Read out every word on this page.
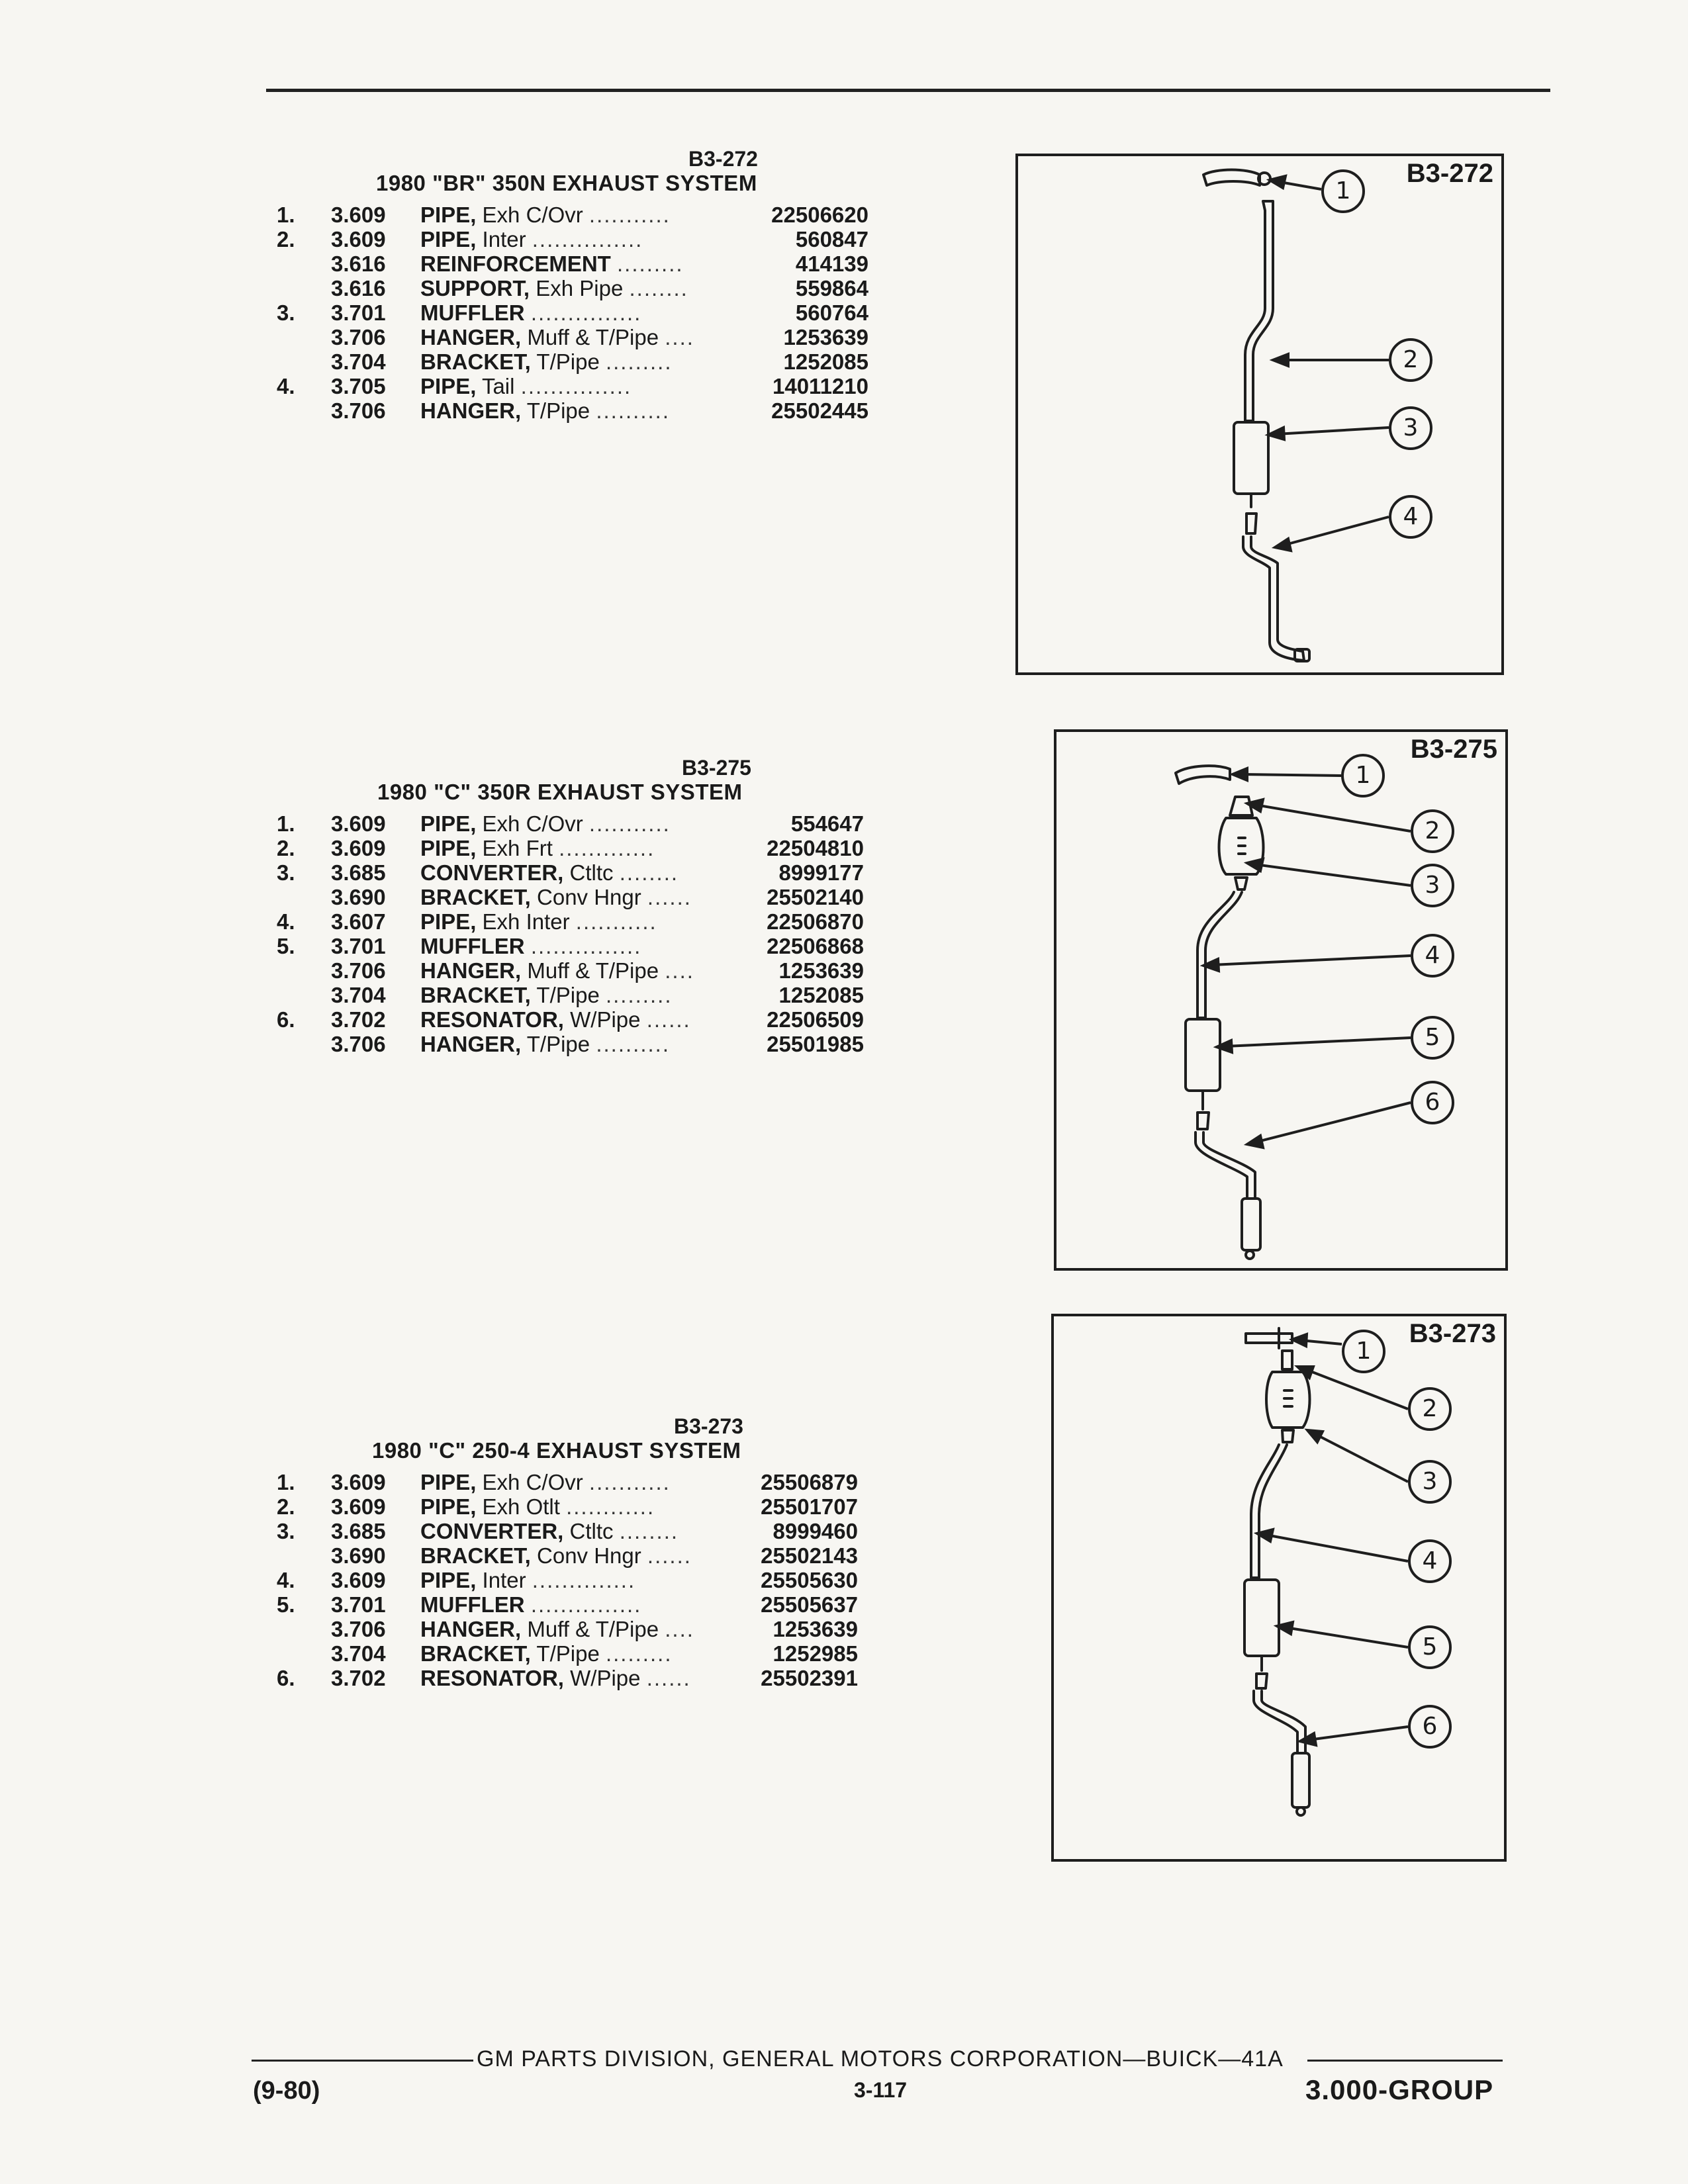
B3-272
1980 "BR" 350N EXHAUST SYSTEM
1. 3.609 PIPE, Exh C/Ovr ...........	22506620
2. 3.609 PIPE, Inter ...............	560847
3.616 REINFORCEMENT .........	414139
3.616 SUPPORT, Exh Pipe ........	559864
3. 3.701 MUFFLER ...............	560764
3.706 HANGER, Muff & T/Pipe ....	1253639
3.704 BRACKET, T/Pipe .........	1252085
4. 3.705 PIPE, Tail ...............	14011210
3.706 HANGER, T/Pipe ..........	25502445
B3-272
1
2
3
4
B3-275
1980 "C" 350R EXHAUST SYSTEM
1. 3.609 PIPE, Exh C/Ovr ...........	554647
2. 3.609 PIPE, Exh Frt .............	22504810
3. 3.685 CONVERTER, Ctltc ........	8999177
3.690 BRACKET, Conv Hngr ......	25502140
4. 3.607 PIPE, Exh Inter ...........	22506870
5. 3.701 MUFFLER ...............	22506868
3.706 HANGER, Muff & T/Pipe ....	1253639
3.704 BRACKET, T/Pipe .........	1252085
6. 3.702 RESONATOR, W/Pipe ......	22506509
3.706 HANGER, T/Pipe ..........	25501985
B3-275
1
2
3
4
5
6
B3-273
1980 "C" 250-4 EXHAUST SYSTEM
1. 3.609 PIPE, Exh C/Ovr ...........	25506879
2. 3.609 PIPE, Exh Otlt ............	25501707
3. 3.685 CONVERTER, Ctltc ........	8999460
3.690 BRACKET, Conv Hngr ......	25502143
4. 3.609 PIPE, Inter ..............	25505630
5. 3.701 MUFFLER ...............	25505637
3.706 HANGER, Muff & T/Pipe ....	1253639
3.704 BRACKET, T/Pipe .........	1252985
6. 3.702 RESONATOR, W/Pipe ......	25502391
B3-273
1
2
3
4
5
6
GM PARTS DIVISION, GENERAL MOTORS CORPORATION—BUICK—41A
(9-80)	3-117	3.000-GROUP
